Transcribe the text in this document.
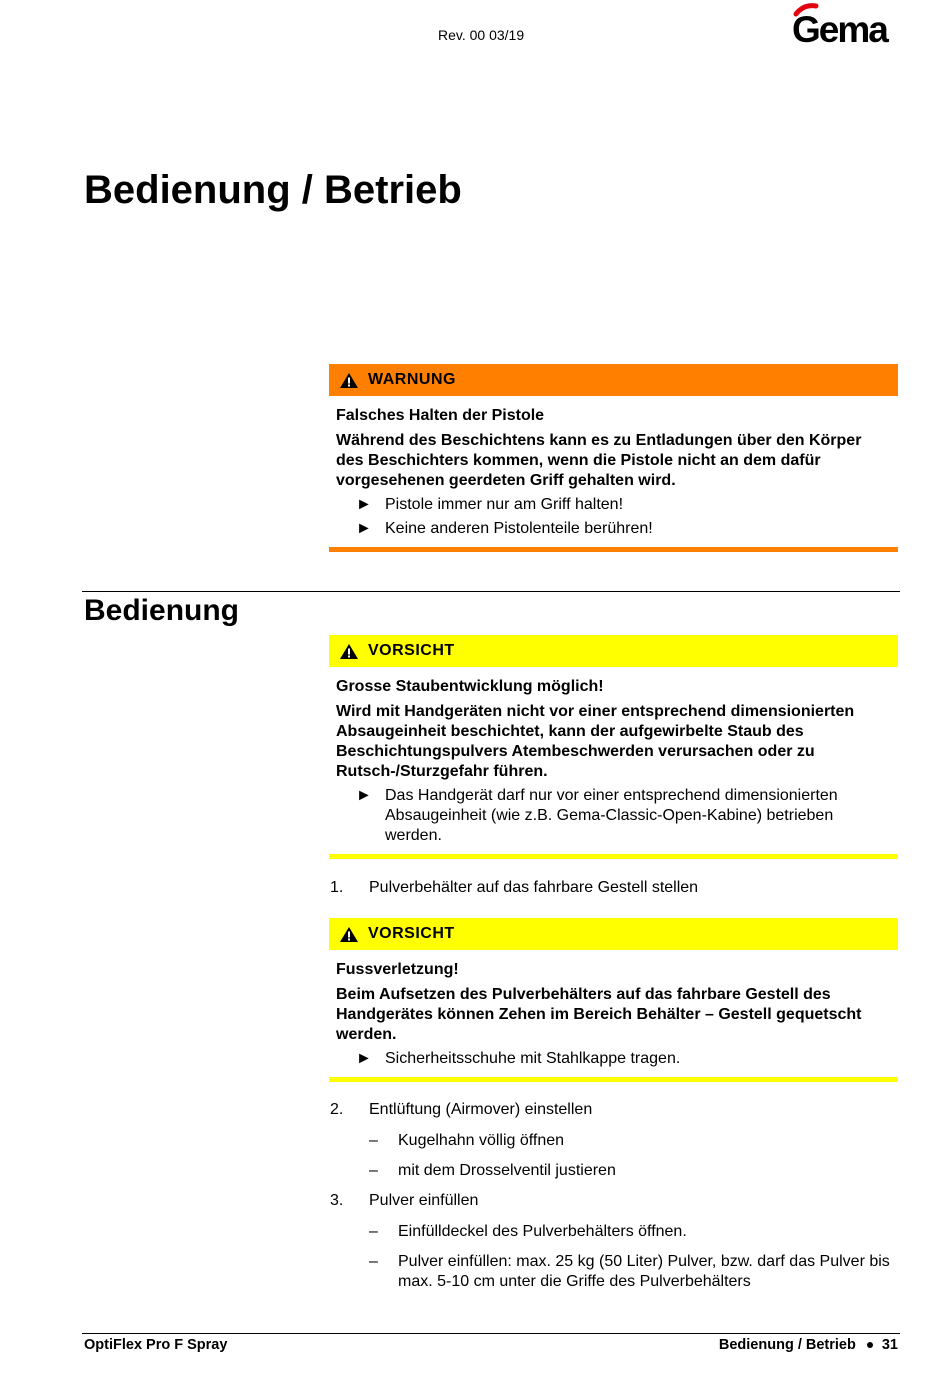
Rev. 00 03/19	Gema
Bedienung / Betrieb
WARNUNG
Falsches Halten der Pistole
Während des Beschichtens kann es zu Entladungen über den Körper des Beschichters kommen, wenn die Pistole nicht an dem dafür vorgesehenen geerdeten Griff gehalten wird.
► Pistole immer nur am Griff halten!
► Keine anderen Pistolenteile berühren!
Bedienung
VORSICHT
Grosse Staubentwicklung möglich!
Wird mit Handgeräten nicht vor einer entsprechend dimensionierten Absaugeinheit beschichtet, kann der aufgewirbelte Staub des Beschichtungspulvers Atembeschwerden verursachen oder zu Rutsch-/Sturzgefahr führen.
► Das Handgerät darf nur vor einer entsprechend dimensionierten Absaugeinheit (wie z.B. Gema-Classic-Open-Kabine) betrieben werden.
1.	Pulverbehälter auf das fahrbare Gestell stellen
VORSICHT
Fussverletzung!
Beim Aufsetzen des Pulverbehälters auf das fahrbare Gestell des Handgerätes können Zehen im Bereich Behälter – Gestell gequetscht werden.
► Sicherheitsschuhe mit Stahlkappe tragen.
2.	Entlüftung (Airmover) einstellen
–	Kugelhahn völlig öffnen
–	mit dem Drosselventil justieren
3.	Pulver einfüllen
–	Einfülldeckel des Pulverbehälters öffnen.
–	Pulver einfüllen: max. 25 kg (50 Liter) Pulver, bzw. darf das Pulver bis max. 5-10 cm unter die Griffe des Pulverbehälters
OptiFlex Pro F Spray	Bedienung / Betrieb 31
